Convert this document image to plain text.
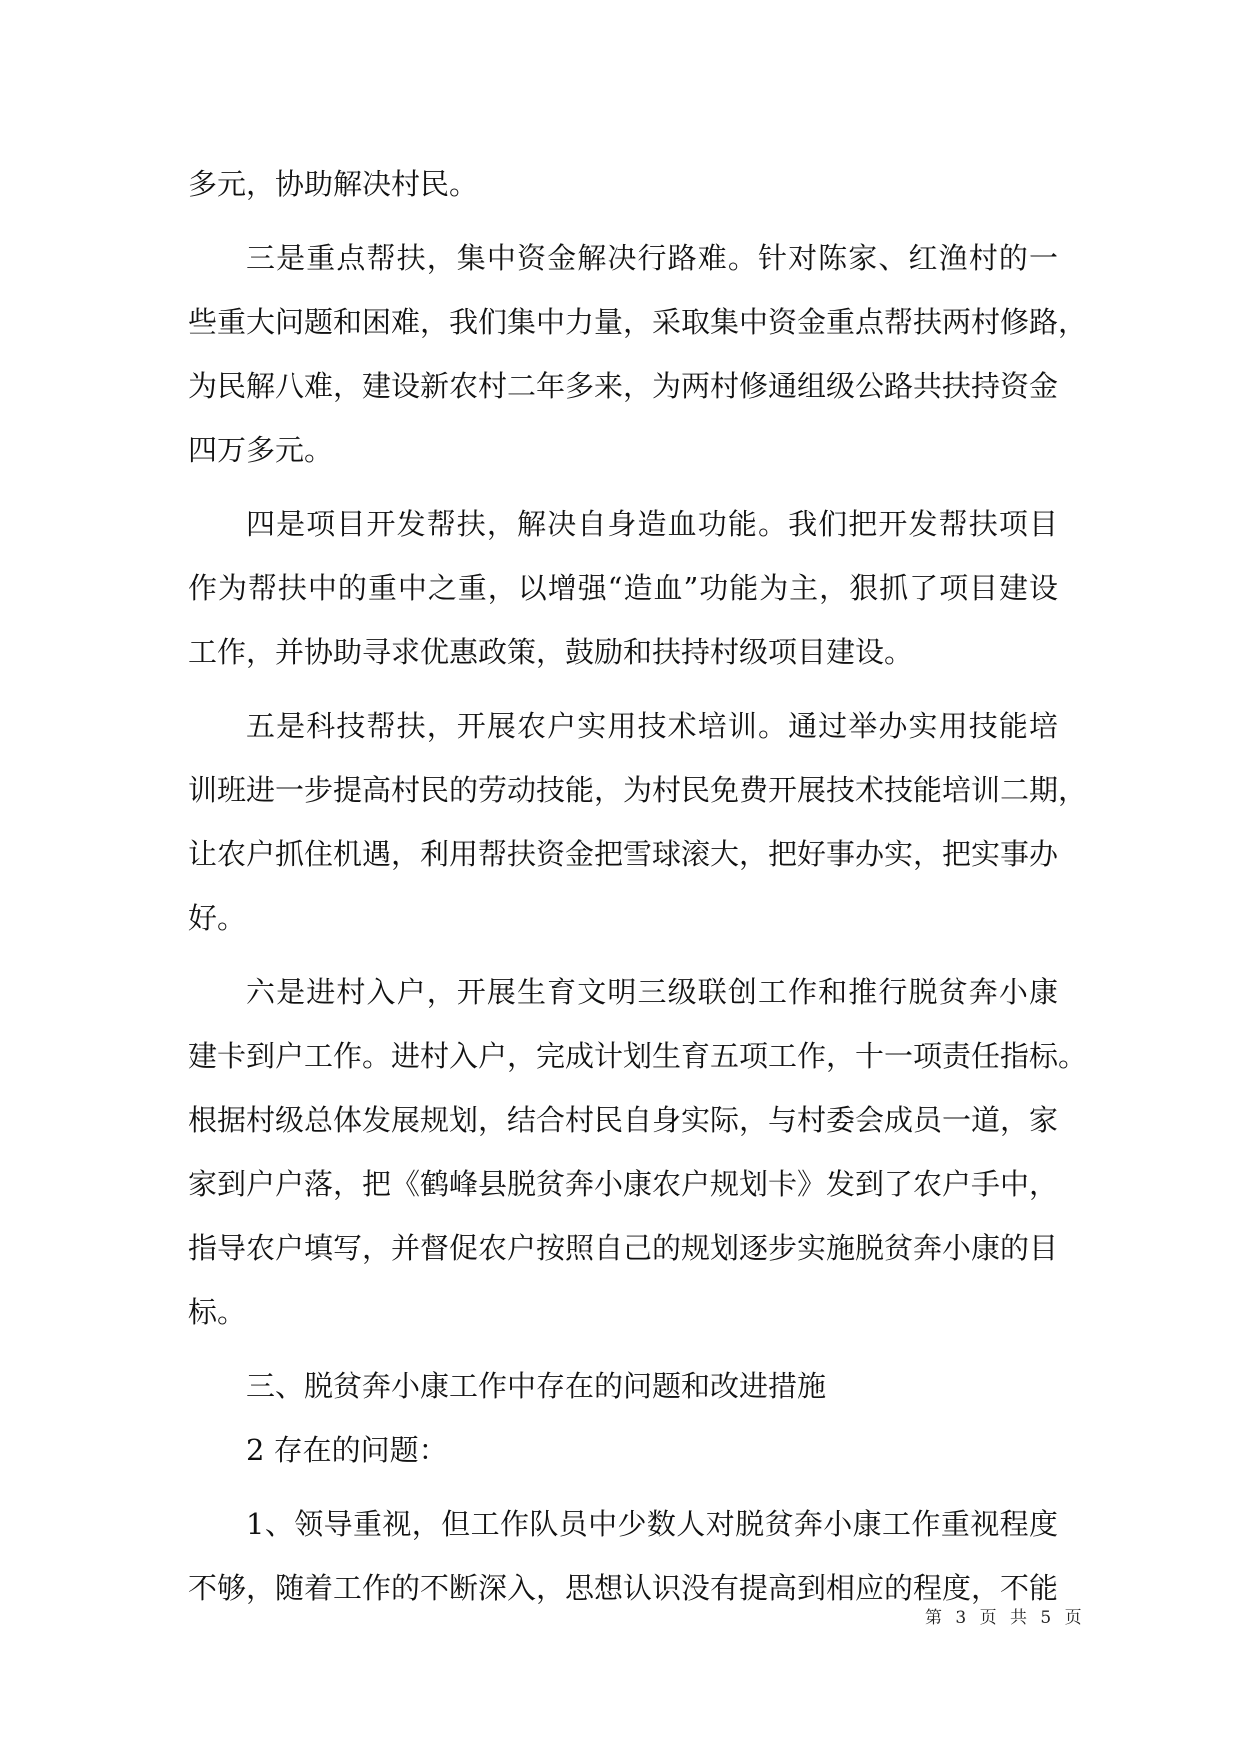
多元，协助解决村民。
三是重点帮扶，集中资金解决行路难。针对陈家、红渔村的一
些重大问题和困难，我们集中力量，采取集中资金重点帮扶两村修路，
为民解八难，建设新农村二年多来，为两村修通组级公路共扶持资金
四万多元。
四是项目开发帮扶，解决自身造血功能。我们把开发帮扶项目
作为帮扶中的重中之重，以增强“造血”功能为主，狠抓了项目建设
工作，并协助寻求优惠政策，鼓励和扶持村级项目建设。
五是科技帮扶，开展农户实用技术培训。通过举办实用技能培
训班进一步提高村民的劳动技能，为村民免费开展技术技能培训二期，
让农户抓住机遇，利用帮扶资金把雪球滚大，把好事办实，把实事办
好。
六是进村入户，开展生育文明三级联创工作和推行脱贫奔小康
建卡到户工作。进村入户，完成计划生育五项工作，十一项责任指标。
根据村级总体发展规划，结合村民自身实际，与村委会成员一道，家
家到户户落，把《鹤峰县脱贫奔小康农户规划卡》发到了农户手中，
指导农户填写，并督促农户按照自己的规划逐步实施脱贫奔小康的目
标。
三、脱贫奔小康工作中存在的问题和改进措施
2 存在的问题：
1、领导重视，但工作队员中少数人对脱贫奔小康工作重视程度
不够，随着工作的不断深入，思想认识没有提高到相应的程度，不能
第 3 页 共 5 页
